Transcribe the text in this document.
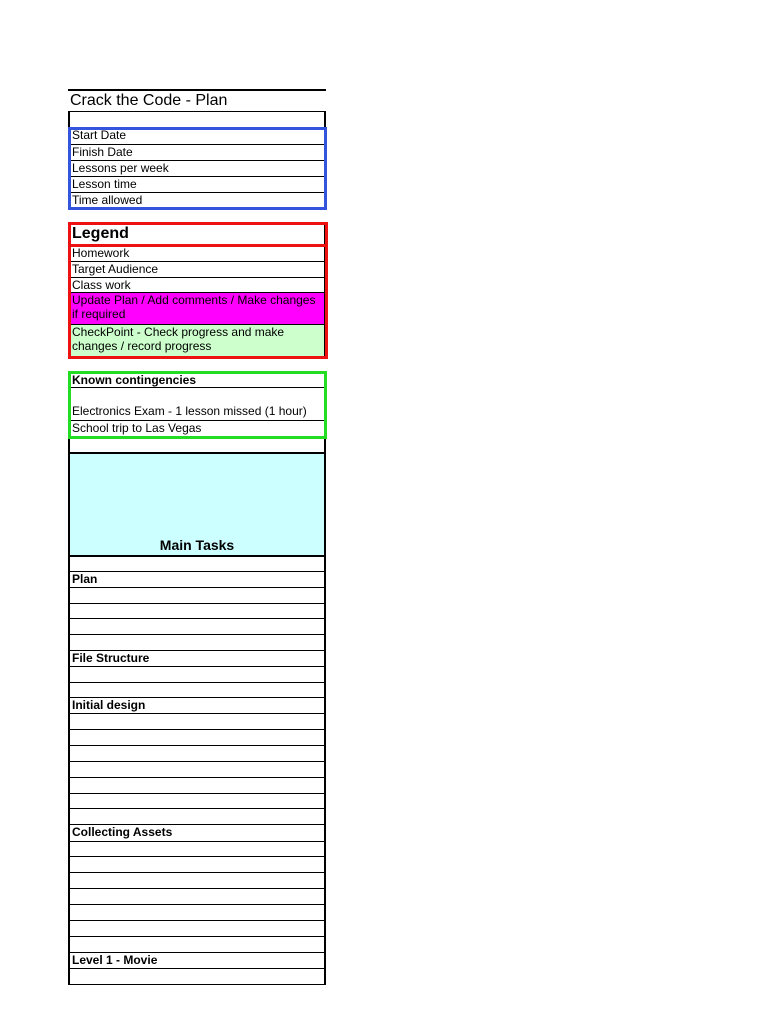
Crack the Code - Plan
Start Date
Finish Date
Lessons per week
Lesson time
Time allowed
Legend
Homework
Target Audience
Class work
Update Plan / Add comments / Make changes if required
CheckPoint - Check progress and make changes / record progress
Known contingencies
Electronics Exam - 1 lesson missed (1 hour)
School trip to Las Vegas
Main Tasks
Plan
File Structure
Initial design
Collecting Assets
Level 1 - Movie
